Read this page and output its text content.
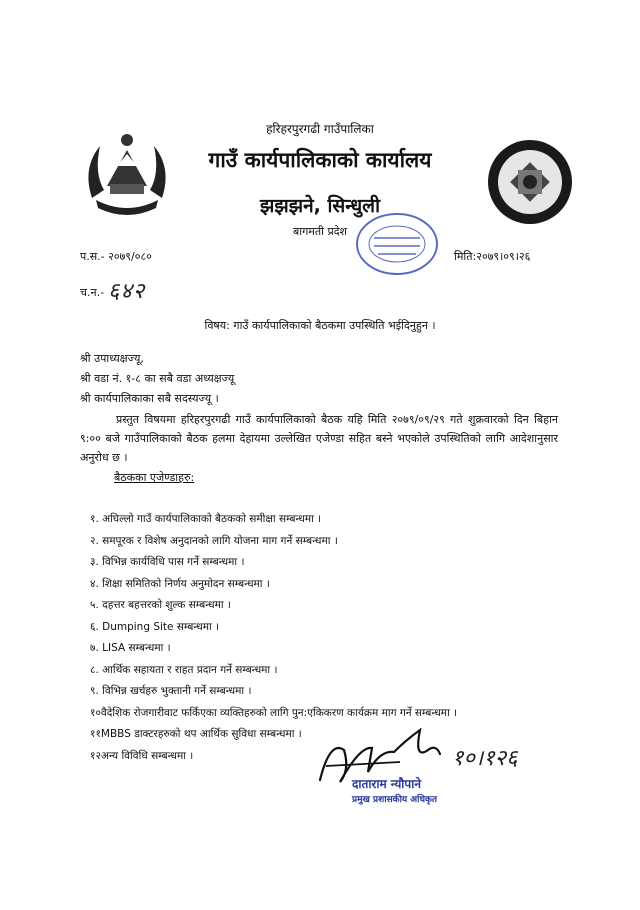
हरिहरपुरगढी गाउँपालिका
गाउँ कार्यपालिकाको कार्यालय
झझझने, सिन्धुली
बागमती प्रदेश
प.स.- २०७९/०८०	मिति:२०७९।०९।२६
च.न.- ६४२
विषय: गाउँ कार्यपालिकाको बैठकमा उपस्थिति भईदिनुहुन ।
श्री उपाध्यक्षज्यू,
श्री वडा नं. १-८ का सबै वडा अध्यक्षज्यू
श्री कार्यपालिकाका सबै सदस्यज्यू ।
प्रस्तुत विषयमा हरिहरपुरगढी गाउँ कार्यपालिकाको बैठक यहि मिति २०७९/०९/२९ गते शुक्रवारको दिन बिहान ९:०० बजे गाउँपालिकाको बैठक हलमा देहायमा उल्लेखित एजेण्डा सहित बस्ने भएकोले उपस्थितिको लागि आदेशानुसार अनुरोध छ ।
बैठकका एजेण्डाहरु:
१. अघिल्लो गाउँ कार्यपालिकाको बैठकको समीक्षा सम्बन्धमा ।
२. समपूरक र विशेष अनुदानको लागि योजना माग गर्ने सम्बन्धमा ।
३. विभिन्न कार्यविधि पास गर्ने सम्बन्धमा ।
४. शिक्षा समितिको निर्णय अनुमोदन सम्बन्धमा ।
५. दहत्तर बहत्तरको शुल्क सम्बन्धमा ।
६. Dumping Site सम्बन्धमा ।
७. LISA सम्बन्धमा ।
८. आर्थिक सहायता र राहत प्रदान गर्ने सम्बन्धमा ।
९. विभिन्न खर्चहरु भुक्तानी गर्ने सम्बन्धमा ।
१०वैदेशिक रोजगारीवाट फर्किएका व्यक्तिहरुको लागि पुन:एकिकरण कार्यक्रम माग गर्ने सम्बन्धमा ।
११MBBS डाक्टरहरुको थप आर्थिक सुविधा सम्बन्धमा ।
१२अन्य विविधि सम्बन्धमा ।	१०।१२६
दाताराम न्यौपाने
प्रमुख प्रशासकीय अधिकृत
